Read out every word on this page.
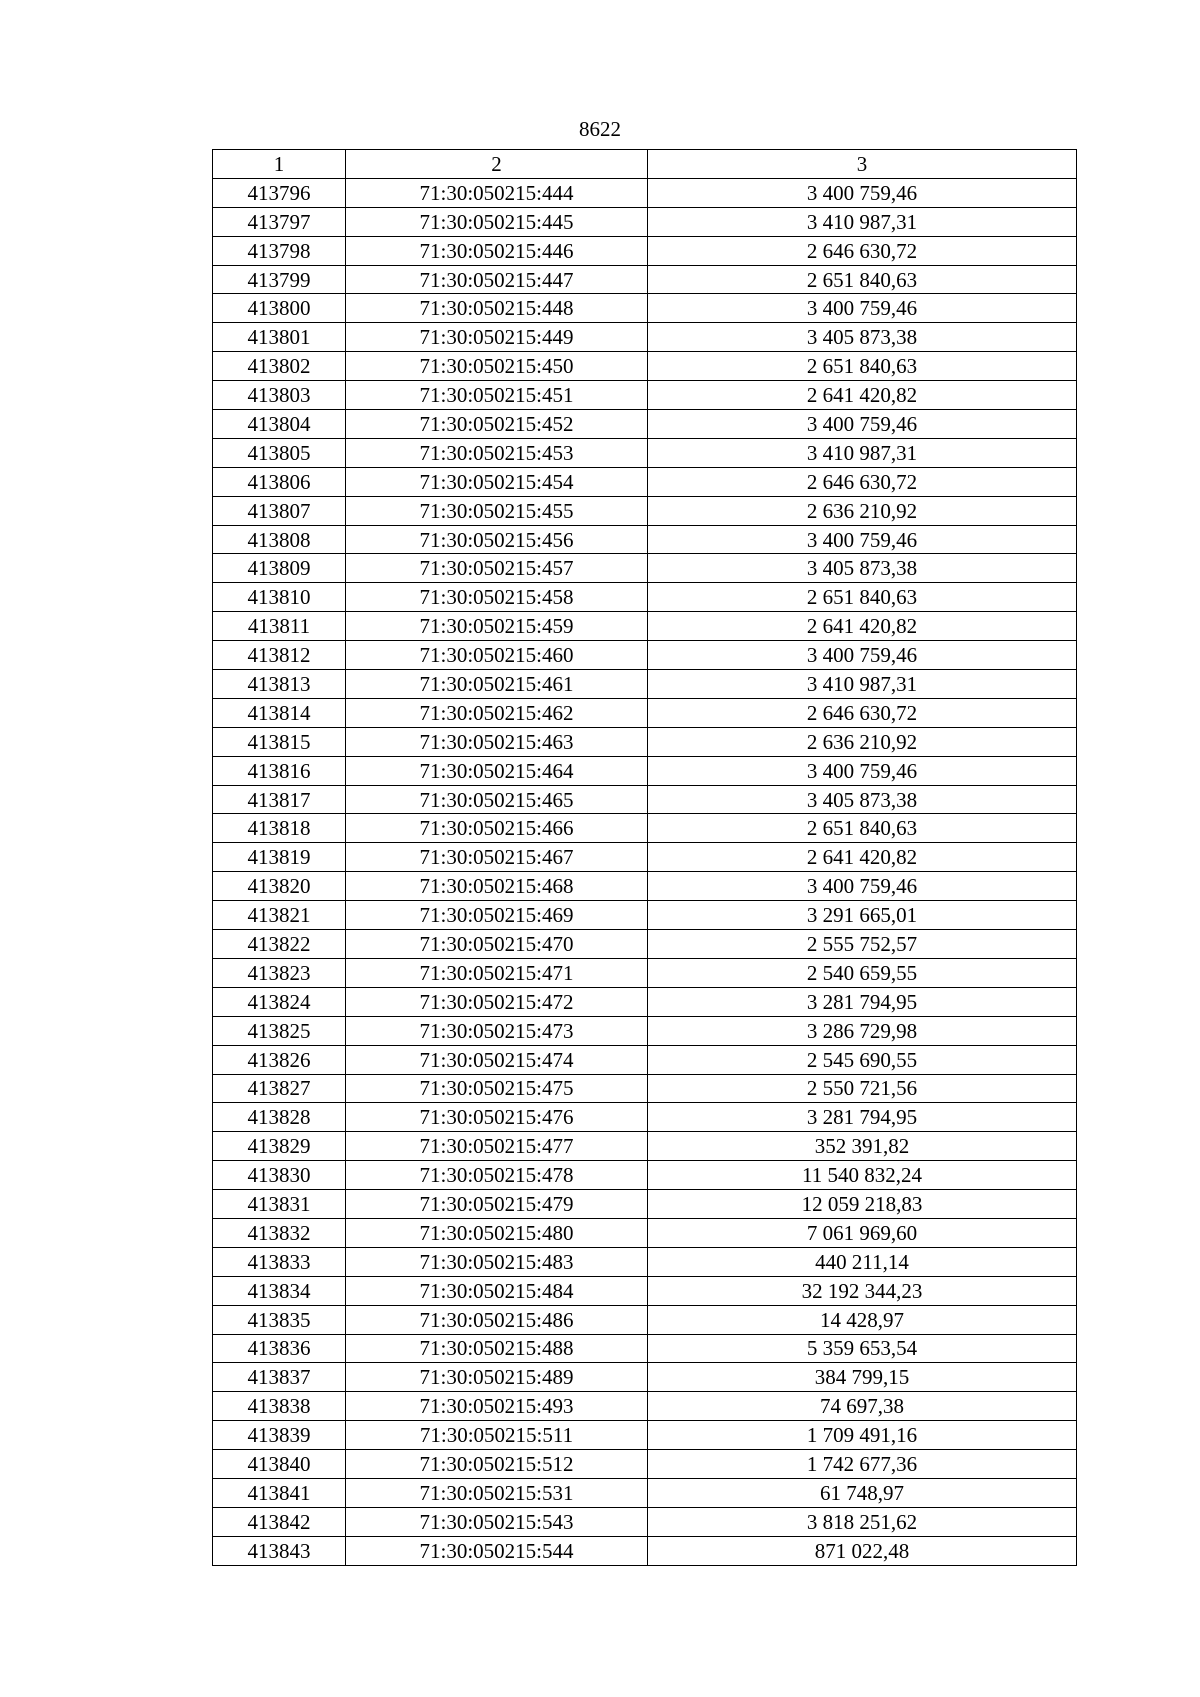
8622
1	2	3
413796	71:30:050215:444	3 400 759,46
413797	71:30:050215:445	3 410 987,31
413798	71:30:050215:446	2 646 630,72
413799	71:30:050215:447	2 651 840,63
413800	71:30:050215:448	3 400 759,46
413801	71:30:050215:449	3 405 873,38
413802	71:30:050215:450	2 651 840,63
413803	71:30:050215:451	2 641 420,82
413804	71:30:050215:452	3 400 759,46
413805	71:30:050215:453	3 410 987,31
413806	71:30:050215:454	2 646 630,72
413807	71:30:050215:455	2 636 210,92
413808	71:30:050215:456	3 400 759,46
413809	71:30:050215:457	3 405 873,38
413810	71:30:050215:458	2 651 840,63
413811	71:30:050215:459	2 641 420,82
413812	71:30:050215:460	3 400 759,46
413813	71:30:050215:461	3 410 987,31
413814	71:30:050215:462	2 646 630,72
413815	71:30:050215:463	2 636 210,92
413816	71:30:050215:464	3 400 759,46
413817	71:30:050215:465	3 405 873,38
413818	71:30:050215:466	2 651 840,63
413819	71:30:050215:467	2 641 420,82
413820	71:30:050215:468	3 400 759,46
413821	71:30:050215:469	3 291 665,01
413822	71:30:050215:470	2 555 752,57
413823	71:30:050215:471	2 540 659,55
413824	71:30:050215:472	3 281 794,95
413825	71:30:050215:473	3 286 729,98
413826	71:30:050215:474	2 545 690,55
413827	71:30:050215:475	2 550 721,56
413828	71:30:050215:476	3 281 794,95
413829	71:30:050215:477	352 391,82
413830	71:30:050215:478	11 540 832,24
413831	71:30:050215:479	12 059 218,83
413832	71:30:050215:480	7 061 969,60
413833	71:30:050215:483	440 211,14
413834	71:30:050215:484	32 192 344,23
413835	71:30:050215:486	14 428,97
413836	71:30:050215:488	5 359 653,54
413837	71:30:050215:489	384 799,15
413838	71:30:050215:493	74 697,38
413839	71:30:050215:511	1 709 491,16
413840	71:30:050215:512	1 742 677,36
413841	71:30:050215:531	61 748,97
413842	71:30:050215:543	3 818 251,62
413843	71:30:050215:544	871 022,48
